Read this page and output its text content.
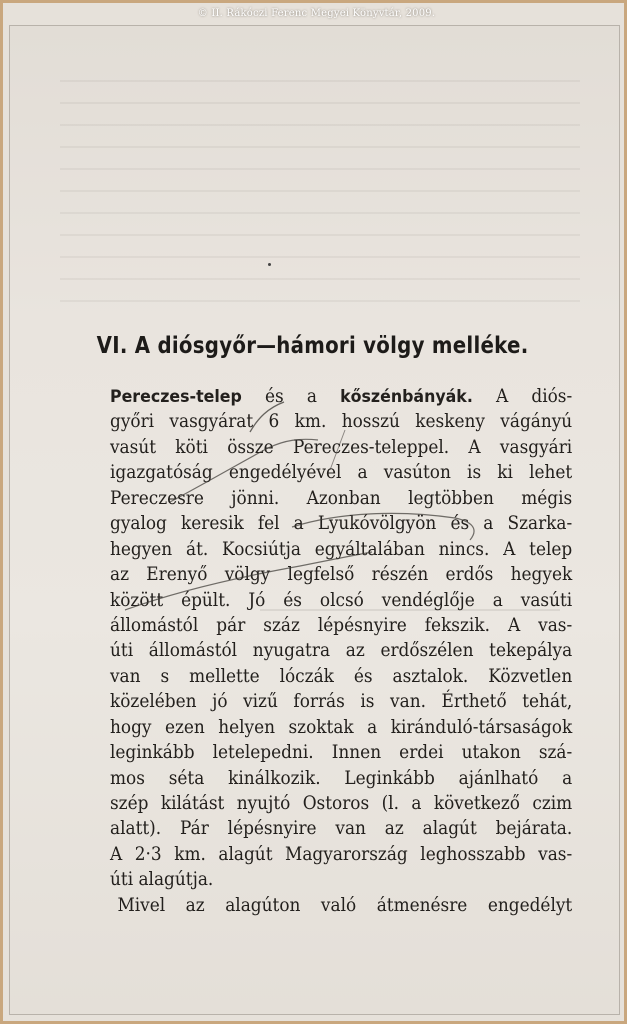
© II. Rákóczi Ferenc Megyei Könyvtár, 2009.
VI. A diósgyőr—hámori völgy melléke.
Pereczes-telep és a kőszénbányák. A diós-
győri vasgyárat 6 km. hosszú keskeny vágányú
vasút köti össze Pereczes-teleppel. A vasgyári
igazgatóság engedélyével a vasúton is ki lehet
Pereczesre jönni. Azonban legtöbben mégis
gyalog keresik fel a Lyukóvölgyön és a Szarka-
hegyen át. Kocsiútja egyáltalában nincs. A telep
az Erenyő völgy legfelső részén erdős hegyek
között épült. Jó és olcsó vendéglője a vasúti
állomástól pár száz lépésnyire fekszik. A vas-
úti állomástól nyugatra az erdőszélen tekepálya
van s mellette lóczák és asztalok. Közvetlen
közelében jó vizű forrás is van. Érthető tehát,
hogy ezen helyen szoktak a kiránduló-társaságok
leginkább letelepedni. Innen erdei utakon szá-
mos séta kinálkozik. Leginkább ajánlható a
szép kilátást nyujtó Ostoros (l. a következő czim
alatt). Pár lépésnyire van az alagút bejárata.
A 2·3 km. alagút Magyarország leghosszabb vas-
úti alagútja.
Mivel az alagúton való átmenésre engedélyt
